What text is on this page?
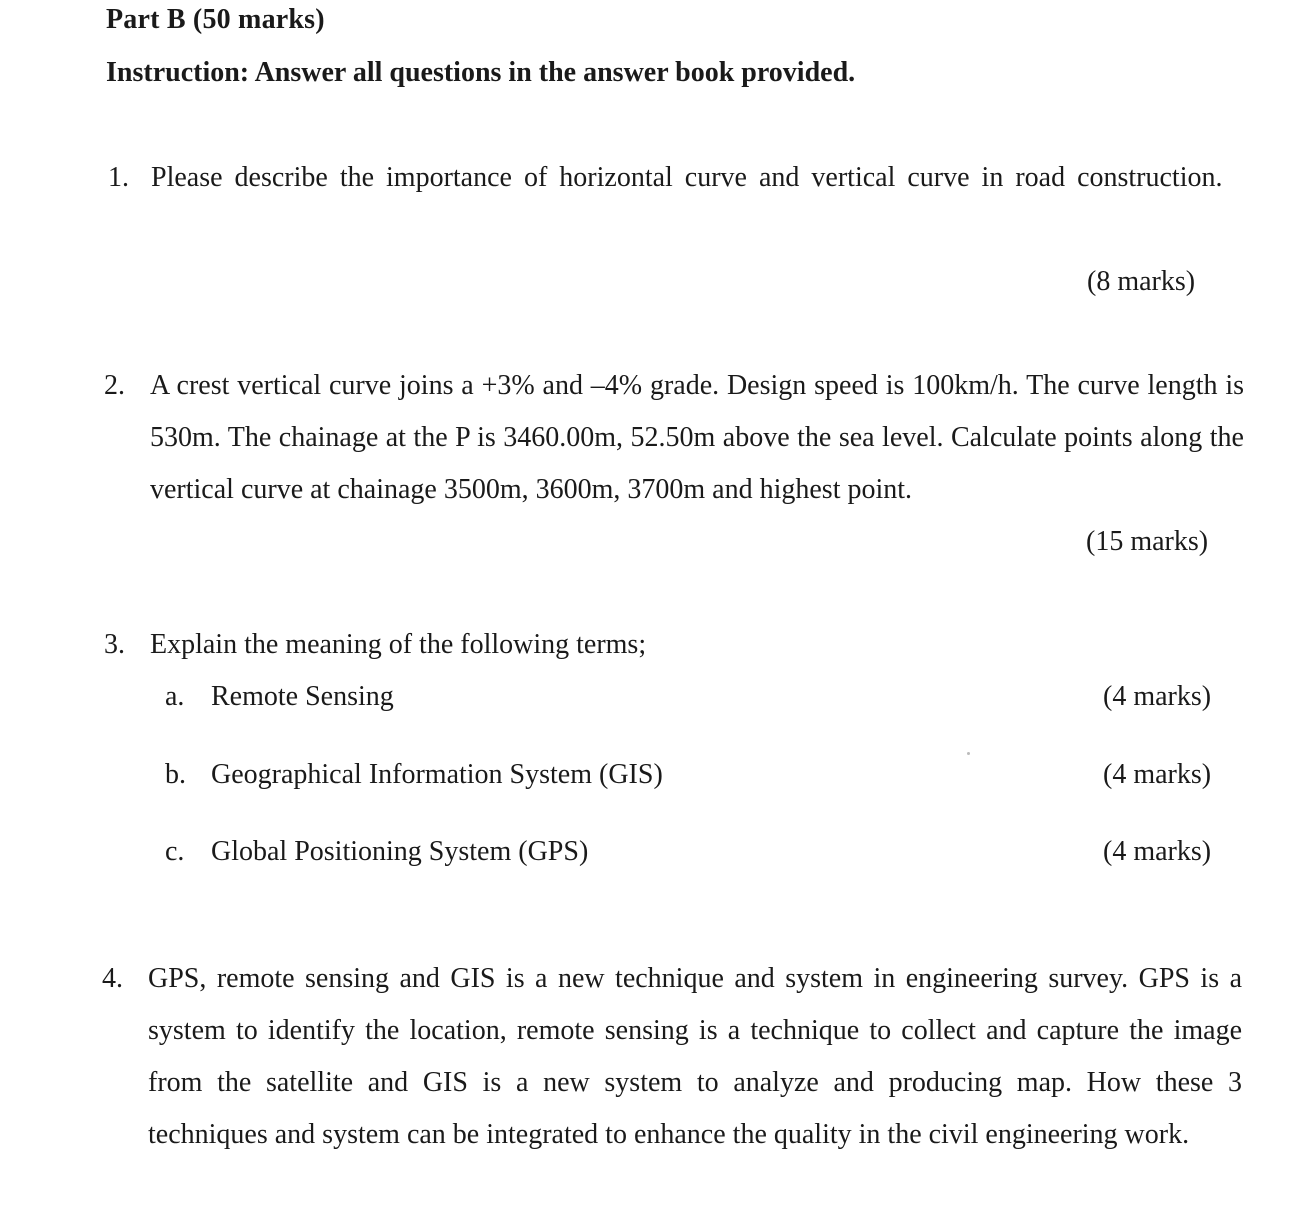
Part B (50 marks)
Instruction: Answer all questions in the answer book provided.
1. Please describe the importance of horizontal curve and vertical curve in road construction.
(8 marks)
2. A crest vertical curve joins a +3% and –4% grade. Design speed is 100km/h. The curve length is 530m. The chainage at the P is 3460.00m, 52.50m above the sea level. Calculate points along the vertical curve at chainage 3500m, 3600m, 3700m and highest point.
(15 marks)
3. Explain the meaning of the following terms;
a. Remote Sensing	(4 marks)
b. Geographical Information System (GIS)	(4 marks)
c. Global Positioning System (GPS)	(4 marks)
4. GPS, remote sensing and GIS is a new technique and system in engineering survey. GPS is a system to identify the location, remote sensing is a technique to collect and capture the image from the satellite and GIS is a new system to analyze and producing map. How these 3 techniques and system can be integrated to enhance the quality in the civil engineering work.
